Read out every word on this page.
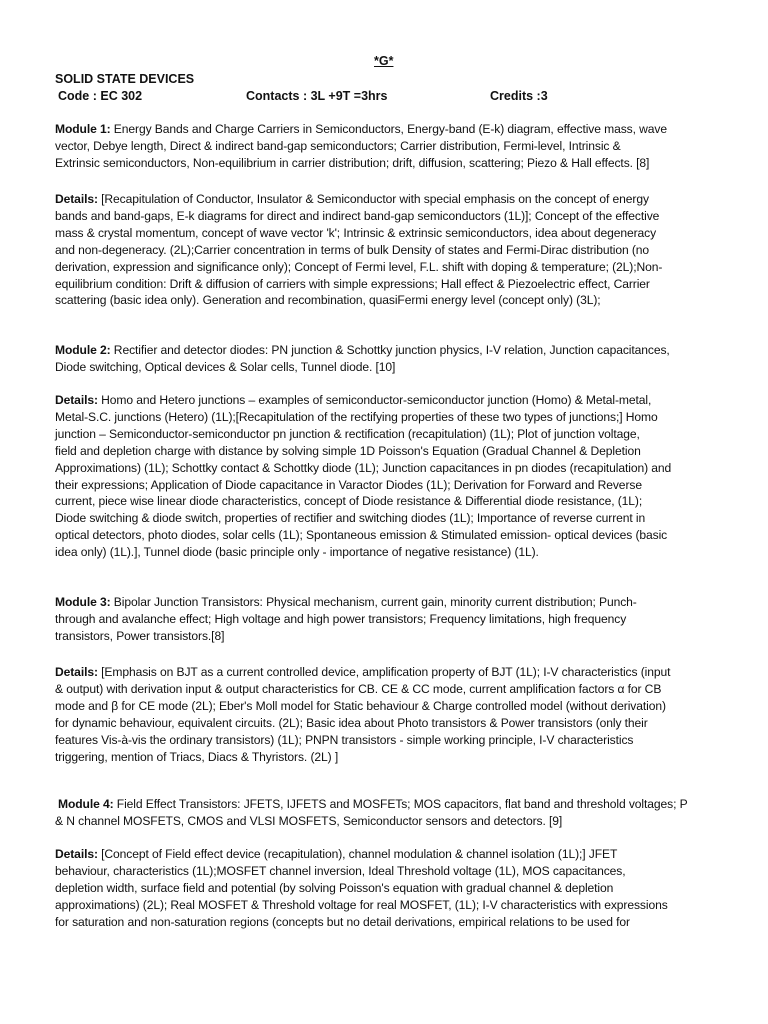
*G*
SOLID STATE DEVICES
Code : EC 302	Contacts : 3L +9T =3hrs	Credits :3

Module 1: Energy Bands and Charge Carriers in Semiconductors, Energy-band (E-k) diagram, effective mass, wave
vector, Debye length, Direct & indirect band-gap semiconductors; Carrier distribution, Fermi-level, Intrinsic &
Extrinsic semiconductors, Non-equilibrium in carrier distribution; drift, diffusion, scattering; Piezo & Hall effects. [8]

Details: [Recapitulation of Conductor, Insulator & Semiconductor with special emphasis on the concept of energy
bands and band-gaps, E-k diagrams for direct and indirect band-gap semiconductors (1L)]; Concept of the effective
mass & crystal momentum, concept of wave vector 'k'; Intrinsic & extrinsic semiconductors, idea about degeneracy
and non-degeneracy. (2L);Carrier concentration in terms of bulk Density of states and Fermi-Dirac distribution (no
derivation, expression and significance only); Concept of Fermi level, F.L. shift with doping & temperature; (2L);Non-
equilibrium condition: Drift & diffusion of carriers with simple expressions; Hall effect & Piezoelectric effect, Carrier
scattering (basic idea only). Generation and recombination, quasiFermi energy level (concept only) (3L);

Module 2: Rectifier and detector diodes: PN junction & Schottky junction physics, I-V relation, Junction capacitances,
Diode switching, Optical devices & Solar cells, Tunnel diode. [10]

Details: Homo and Hetero junctions – examples of semiconductor-semiconductor junction (Homo) & Metal-metal,
Metal-S.C. junctions (Hetero) (1L);[Recapitulation of the rectifying properties of these two types of junctions;] Homo
junction – Semiconductor-semiconductor pn junction & rectification (recapitulation) (1L); Plot of junction voltage,
field and depletion charge with distance by solving simple 1D Poisson's Equation (Gradual Channel & Depletion
Approximations) (1L); Schottky contact & Schottky diode (1L); Junction capacitances in pn diodes (recapitulation) and
their expressions; Application of Diode capacitance in Varactor Diodes (1L); Derivation for Forward and Reverse
current, piece wise linear diode characteristics, concept of Diode resistance & Differential diode resistance, (1L);
Diode switching & diode switch, properties of rectifier and switching diodes (1L); Importance of reverse current in
optical detectors, photo diodes, solar cells (1L); Spontaneous emission & Stimulated emission- optical devices (basic
idea only) (1L).], Tunnel diode (basic principle only - importance of negative resistance) (1L).

Module 3: Bipolar Junction Transistors: Physical mechanism, current gain, minority current distribution; Punch-
through and avalanche effect; High voltage and high power transistors; Frequency limitations, high frequency
transistors, Power transistors.[8]

Details: [Emphasis on BJT as a current controlled device, amplification property of BJT (1L); I-V characteristics (input
& output) with derivation input & output characteristics for CB. CE & CC mode, current amplification factors α for CB
mode and β for CE mode (2L); Eber's Moll model for Static behaviour & Charge controlled model (without derivation)
for dynamic behaviour, equivalent circuits. (2L); Basic idea about Photo transistors & Power transistors (only their
features Vis-à-vis the ordinary transistors) (1L); PNPN transistors - simple working principle, I-V characteristics
triggering, mention of Triacs, Diacs & Thyristors. (2L) ]

Module 4: Field Effect Transistors: JFETS, IJFETS and MOSFETs; MOS capacitors, flat band and threshold voltages; P
& N channel MOSFETS, CMOS and VLSI MOSFETS, Semiconductor sensors and detectors. [9]

Details: [Concept of Field effect device (recapitulation), channel modulation & channel isolation (1L);] JFET
behaviour, characteristics (1L);MOSFET channel inversion, Ideal Threshold voltage (1L), MOS capacitances,
depletion width, surface field and potential (by solving Poisson's equation with gradual channel & depletion
approximations) (2L); Real MOSFET & Threshold voltage for real MOSFET, (1L); I-V characteristics with expressions
for saturation and non-saturation regions (concepts but no detail derivations, empirical relations to be used for
